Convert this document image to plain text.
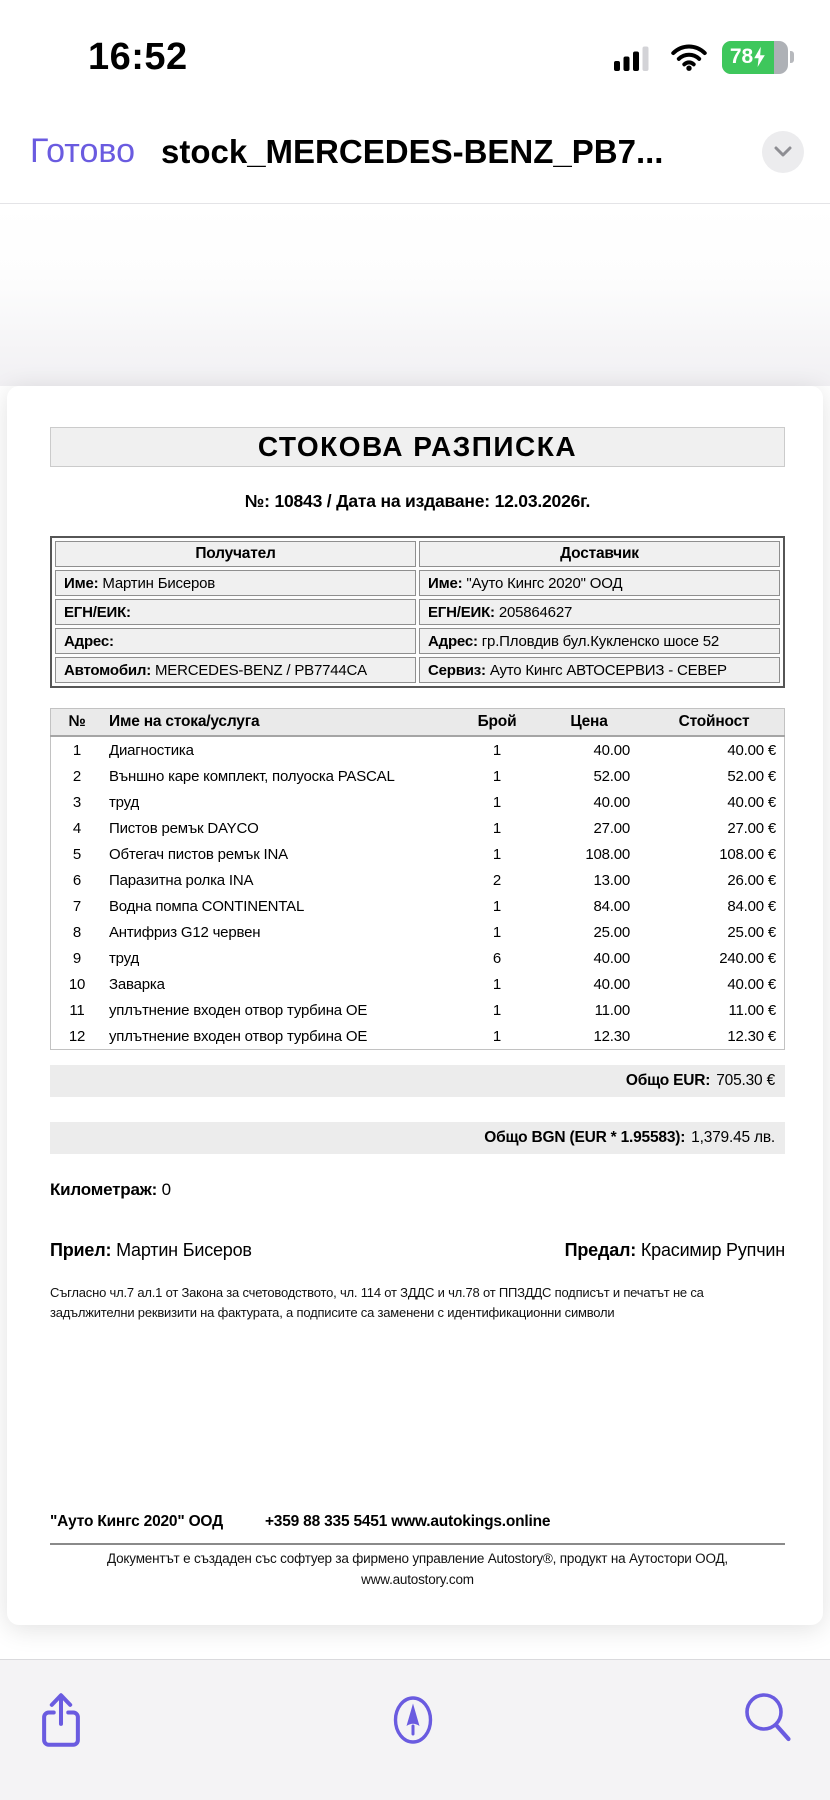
16:52	78
Готово stock_MERCEDES-BENZ_PB7...
СТОКОВА РАЗПИСКА
№: 10843 / Дата на издаване: 12.03.2026г.
Получател	Доставчик
Име: Мартин Бисеров	Име: "Ауто Кингс 2020" ООД
ЕГН/ЕИК:	ЕГН/ЕИК: 205864627
Адрес:	Адрес: гр.Пловдив бул.Кукленско шосе 52
Автомобил: MERCEDES-BENZ / PB7744CA	Сервиз: Ауто Кингс АВТОСЕРВИЗ - СЕВЕР
№	Име на стока/услуга	Брой	Цена	Стойност
1	Диагностика	1	40.00	40.00 €
2	Външно каре комплект, полуоска PASCAL	1	52.00	52.00 €
3	труд	1	40.00	40.00 €
4	Пистов ремък DAYCO	1	27.00	27.00 €
5	Обтегач пистов ремък INA	1	108.00	108.00 €
6	Паразитна ролка INA	2	13.00	26.00 €
7	Водна помпа CONTINENTAL	1	84.00	84.00 €
8	Антифриз G12 червен	1	25.00	25.00 €
9	труд	6	40.00	240.00 €
10	Заварка	1	40.00	40.00 €
11	уплътнение входен отвор турбина OE	1	11.00	11.00 €
12	уплътнение входен отвор турбина OE	1	12.30	12.30 €
Общо EUR: 705.30 €
Общо BGN (EUR * 1.95583): 1,379.45 лв.
Километраж: 0
Приел: Мартин Бисеров	Предал: Красимир Рупчин
Съгласно чл.7 ал.1 от Закона за счетоводството, чл. 114 от ЗДДС и чл.78 от ППЗДДС подписът и печатът не са задължителни реквизити на фактурата, а подписите са заменени с идентификационни символи
"Ауто Кингс 2020" ООД	+359 88 335 5451 www.autokings.online
Документът е създаден със софтуер за фирмено управление Autostory®, продукт на Аутостори ООД,
www.autostory.com
